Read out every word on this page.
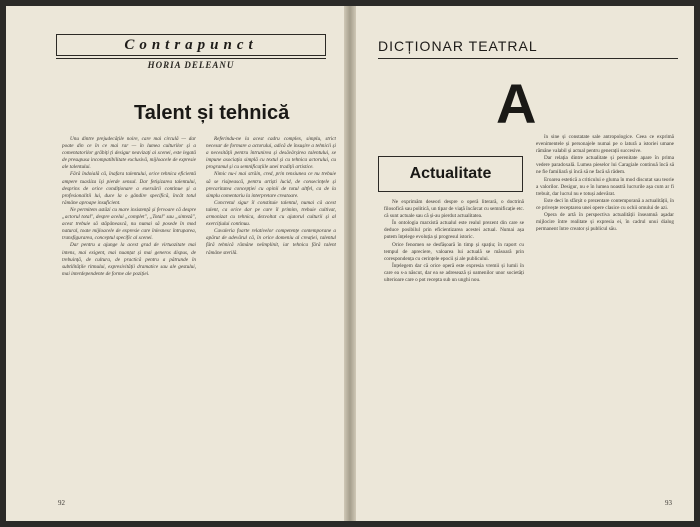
Contrapunct
HORIA DELEANU
Talent și tehnică

Unu dintre prejudecățile noire, care mai circulă — dar poate din ce în ce mai rar — în lumea culturilor și a comentatorilor grăbiți ți desigur neavizați ai scenei, este legată de presupusa incompatibilitate exclusivă, mijloacele de expresie ale talentului.

Fără îndoială că, înafara talentului, orice tehnica eficientă ampere tuasliza își pierde sensul. Dar fetișizarea talentului, desprins de orice condiționare a exersării continue și a profesionalitii lui, duce la o gândire specifică, încât totul rămâne aproape insuficient.

Ne permitem astăzi cu mare insistență și fervoare că despre „actorul total", despre acelui „complet", „Total" sau „sinteză", acest trebuie să stăpânească, nu numai să posede în mod natural, toate mijloacele de expresie care înlesnesc întruparea, transfigurarea, conceptul specific al scenei.

Dar pentru a ajunge la acest grad de virtuozitate mai intens, mai exigent, mai nuanțat și mai generos dispus, de trebuință, de cultura, de practică pentru a pătrunde în subtilitățile ritmului, expresivității dramatice sau ale gestului, mai interdependente de forme ale poziției.

Referindu-ne la acest cadru complex, simplu, strict necesar de formare a actorului, adică de însușire a tehnicii și a necesității pentru întrunirea și desăvârșirea talentului, se impune asociația simplă cu textul și cu tehnica actorului, cu programul și cu semnificațiile unei tradiții artistice.

Nimic nu-i mai străin, cred, prin tensiunea ce nu trebuie să se risipească, pentru artiști lucid, de consecințele și precaritatea concepției cu opinii de totul altfel, ca de la simplu comentariu la interpretare creatoare.

Concretul sigur îl constituie talentul, numai că acest talent, ca orice dar pe care îl primim, trebuie cultivat, armonizat cu tehnica, dezvoltat cu ajutorul culturii și al exercițiului continuu.

Cavaleria foarte relativelor competențe contemporane a apărut de adevărul că, în orice domeniu al creației, talentul fără tehnică rămâne neîmplinit, iar tehnica fără talent rămâne sterilă.

92
DICȚIONAR TEATRAL
A
Actualitate

Ne exprimăm deseori despre o operă literară, o doctrină filosofică sau politică, un tipar de viață încărcat cu semnificație etc. că sunt actuale sau că și-au pierdut actualitatea.

În ontologia marxistă actualul este realul prezent din care se deduce posibilul prin eficientizarea acestei actual. Numai așa putem înțelege evoluția și progresul istoric.

Orice fenomen se desfășoară în timp și spațiu; în raport cu tempul de apreciere, valoarea lui actuală se măsoară prin corespondența cu cerințele epocii și ale publicului.

Înțelegem dar că orice operă este expresia vremii și lumii în care ea s-a născut, dar ea se adresează și oamenilor unor societăți ulterioare care o pot recepta sub un unghi nou.

în sine și constatate sale antropologice. Ceea ce exprimă evenimentele și personajele numai pe o latură a istoriei umane rămâne valabil și actual pentru generații succesive.

Dar relația dintre actualitate și perenitate apare în prima vedere paradoxală. Lumea pieselor lui Caragiale continuă încă să ne fie familiară și încă să ne facă să râdem.

Eroarea estetică a criticului e gluma în mod discutat sau teorie a valorilor. Desigur, nu e în lumea noastră lucrurile așa cum ar fi trebuit, dar lucrul nu e totuși adevărat.

Este deci în sfârșit o prezentare contemporană a actualității, în ce privește receptarea unei opere clasice cu ochii omului de azi.

Opera de artă în perspectiva actualității înseamnă aşadar mijlocire între realitate și expresia ei, în cadrul unui dialog permanent între creator și publicul său.

93
